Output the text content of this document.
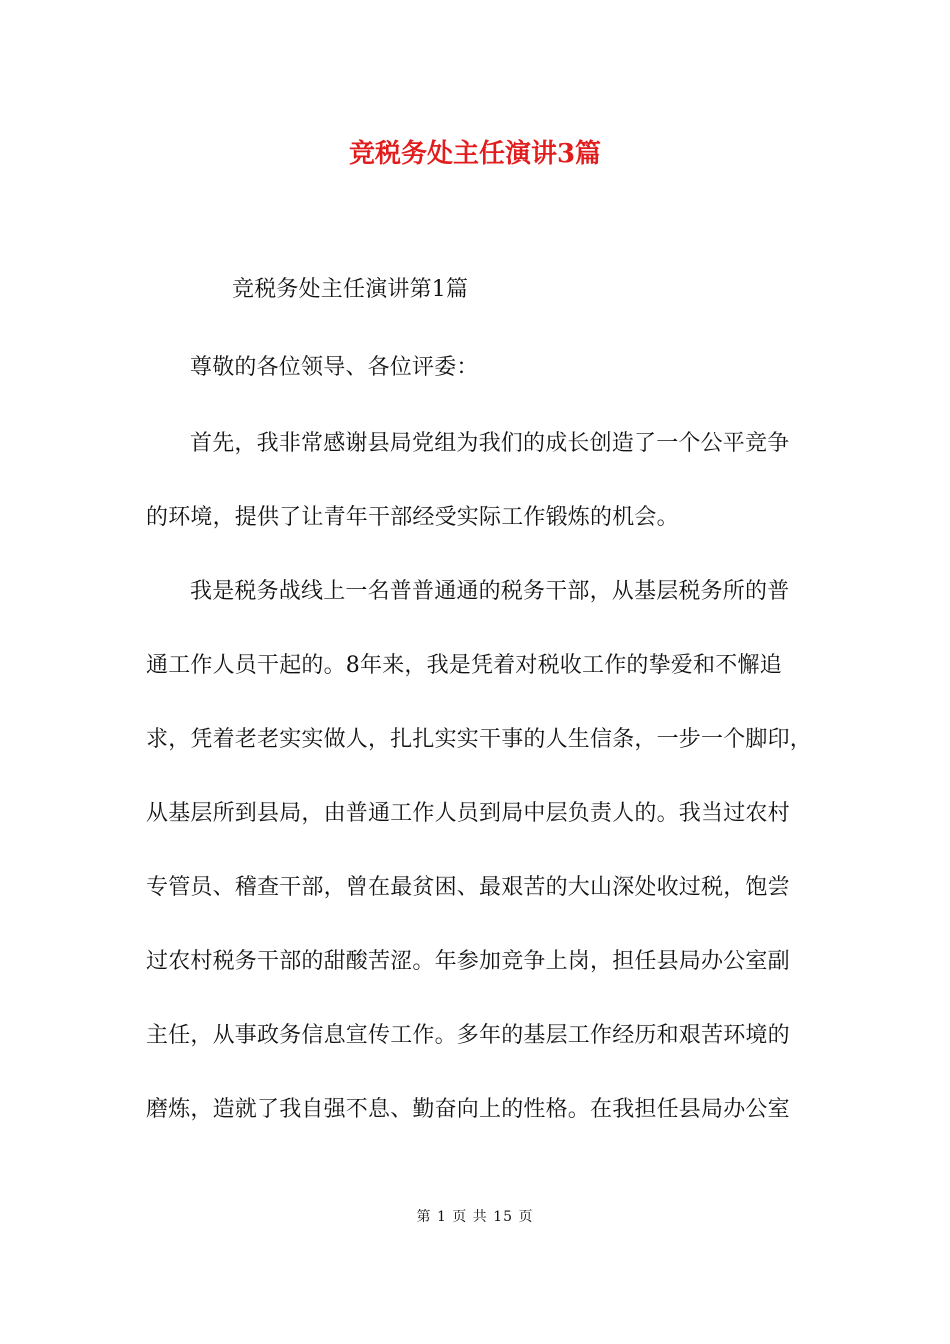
竞税务处主任演讲3篇
竞税务处主任演讲第1篇
尊敬的各位领导、各位评委：
首先，我非常感谢县局党组为我们的成长创造了一个公平竞争
的环境，提供了让青年干部经受实际工作锻炼的机会。
我是税务战线上一名普普通通的税务干部，从基层税务所的普
通工作人员干起的。8年来，我是凭着对税收工作的挚爱和不懈追
求，凭着老老实实做人，扎扎实实干事的人生信条，一步一个脚印，
从基层所到县局，由普通工作人员到局中层负责人的。我当过农村
专管员、稽查干部，曾在最贫困、最艰苦的大山深处收过税，饱尝
过农村税务干部的甜酸苦涩。年参加竞争上岗，担任县局办公室副
主任，从事政务信息宣传工作。多年的基层工作经历和艰苦环境的
磨炼，造就了我自强不息、勤奋向上的性格。在我担任县局办公室
第 1 页 共 15 页
